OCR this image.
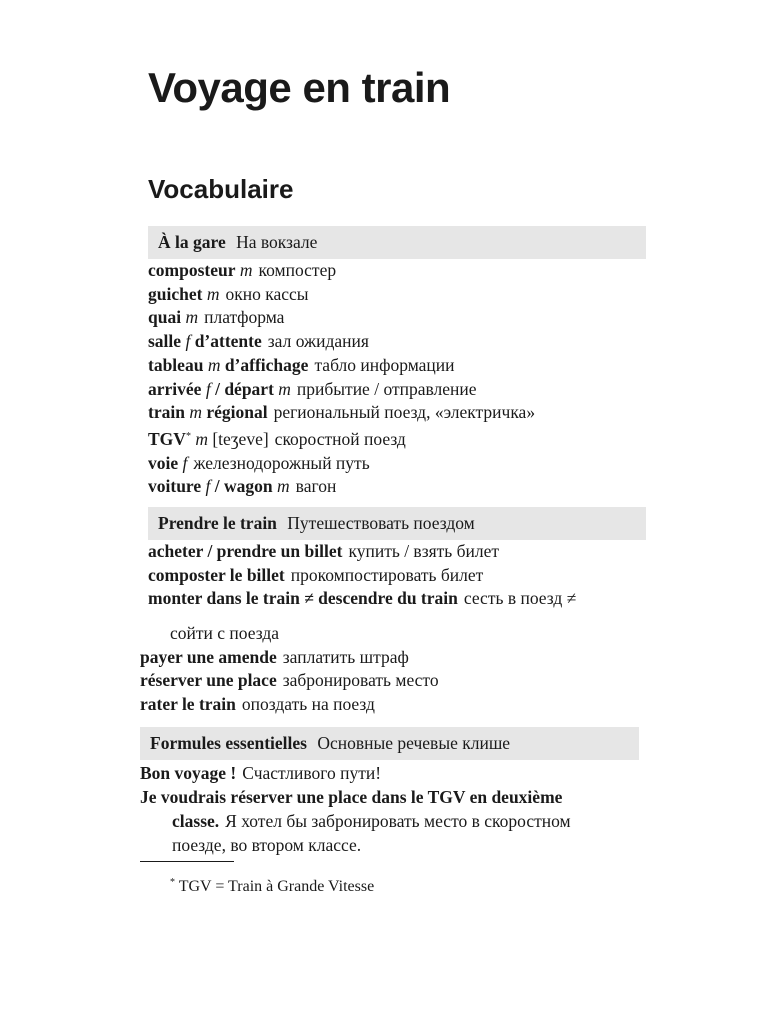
Voyage en train
Vocabulaire
À la gare На вокзале
composteur m компостер
guichet m окно кассы
quai m платформа
salle f d’attente зал ожидания
tableau m d’affichage табло информации
arrivée f / départ m прибытие / отправление
train m régional региональный поезд, «электричка»
TGV* m [teʒeve] скоростной поезд
voie f железнодорожный путь
voiture f / wagon m вагон
Prendre le train Путешествовать поездом
acheter / prendre un billet купить / взять билет
composter le billet прокомпостировать билет
monter dans le train ≠ descendre du train сесть в поезд ≠
сойти с поезда
payer une amende заплатить штраф
réserver une place забронировать место
rater le train опоздать на поезд
Formules essentielles Основные речевые клише
Bon voyage ! Счастливого пути!
Je voudrais réserver une place dans le TGV en deuxième
classe. Я хотел бы забронировать место в скоростном
поезде, во втором классе.
* TGV = Train à Grande Vitesse
